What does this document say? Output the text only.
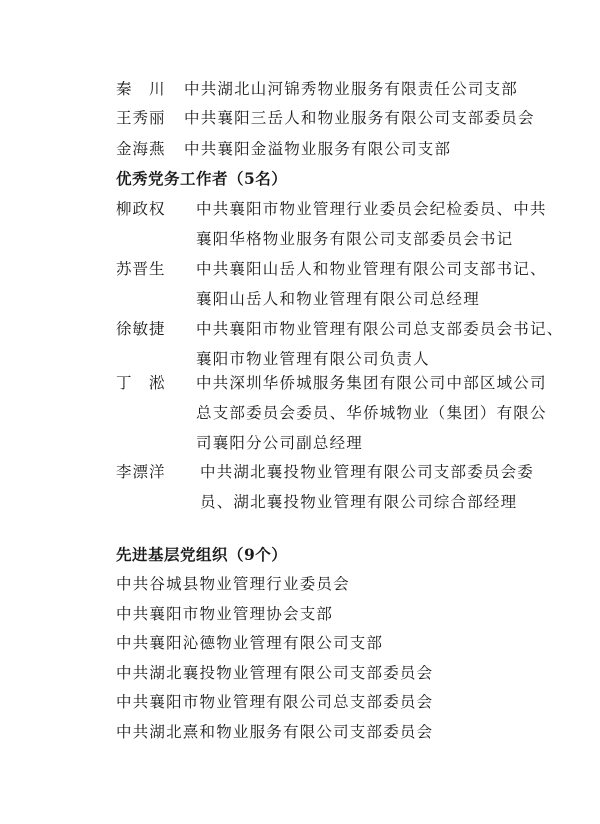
秦　川 中共湖北山河锦秀物业服务有限责任公司支部
王秀丽 中共襄阳三岳人和物业服务有限公司支部委员会
金海燕 中共襄阳金溢物业服务有限公司支部
优秀党务工作者（5名）
柳政权 中共襄阳市物业管理行业委员会纪检委员、中共
襄阳华格物业服务有限公司支部委员会书记
苏晋生 中共襄阳山岳人和物业管理有限公司支部书记、
襄阳山岳人和物业管理有限公司总经理
徐敏捷 中共襄阳市物业管理有限公司总支部委员会书记、
襄阳市物业管理有限公司负责人
丁　淞 中共深圳华侨城服务集团有限公司中部区域公司
总支部委员会委员、华侨城物业（集团）有限公
司襄阳分公司副总经理
李漂洋 中共湖北襄投物业管理有限公司支部委员会委
员、湖北襄投物业管理有限公司综合部经理
先进基层党组织（9个）
中共谷城县物业管理行业委员会
中共襄阳市物业管理协会支部
中共襄阳沁德物业管理有限公司支部
中共湖北襄投物业管理有限公司支部委员会
中共襄阳市物业管理有限公司总支部委员会
中共湖北熹和物业服务有限公司支部委员会
